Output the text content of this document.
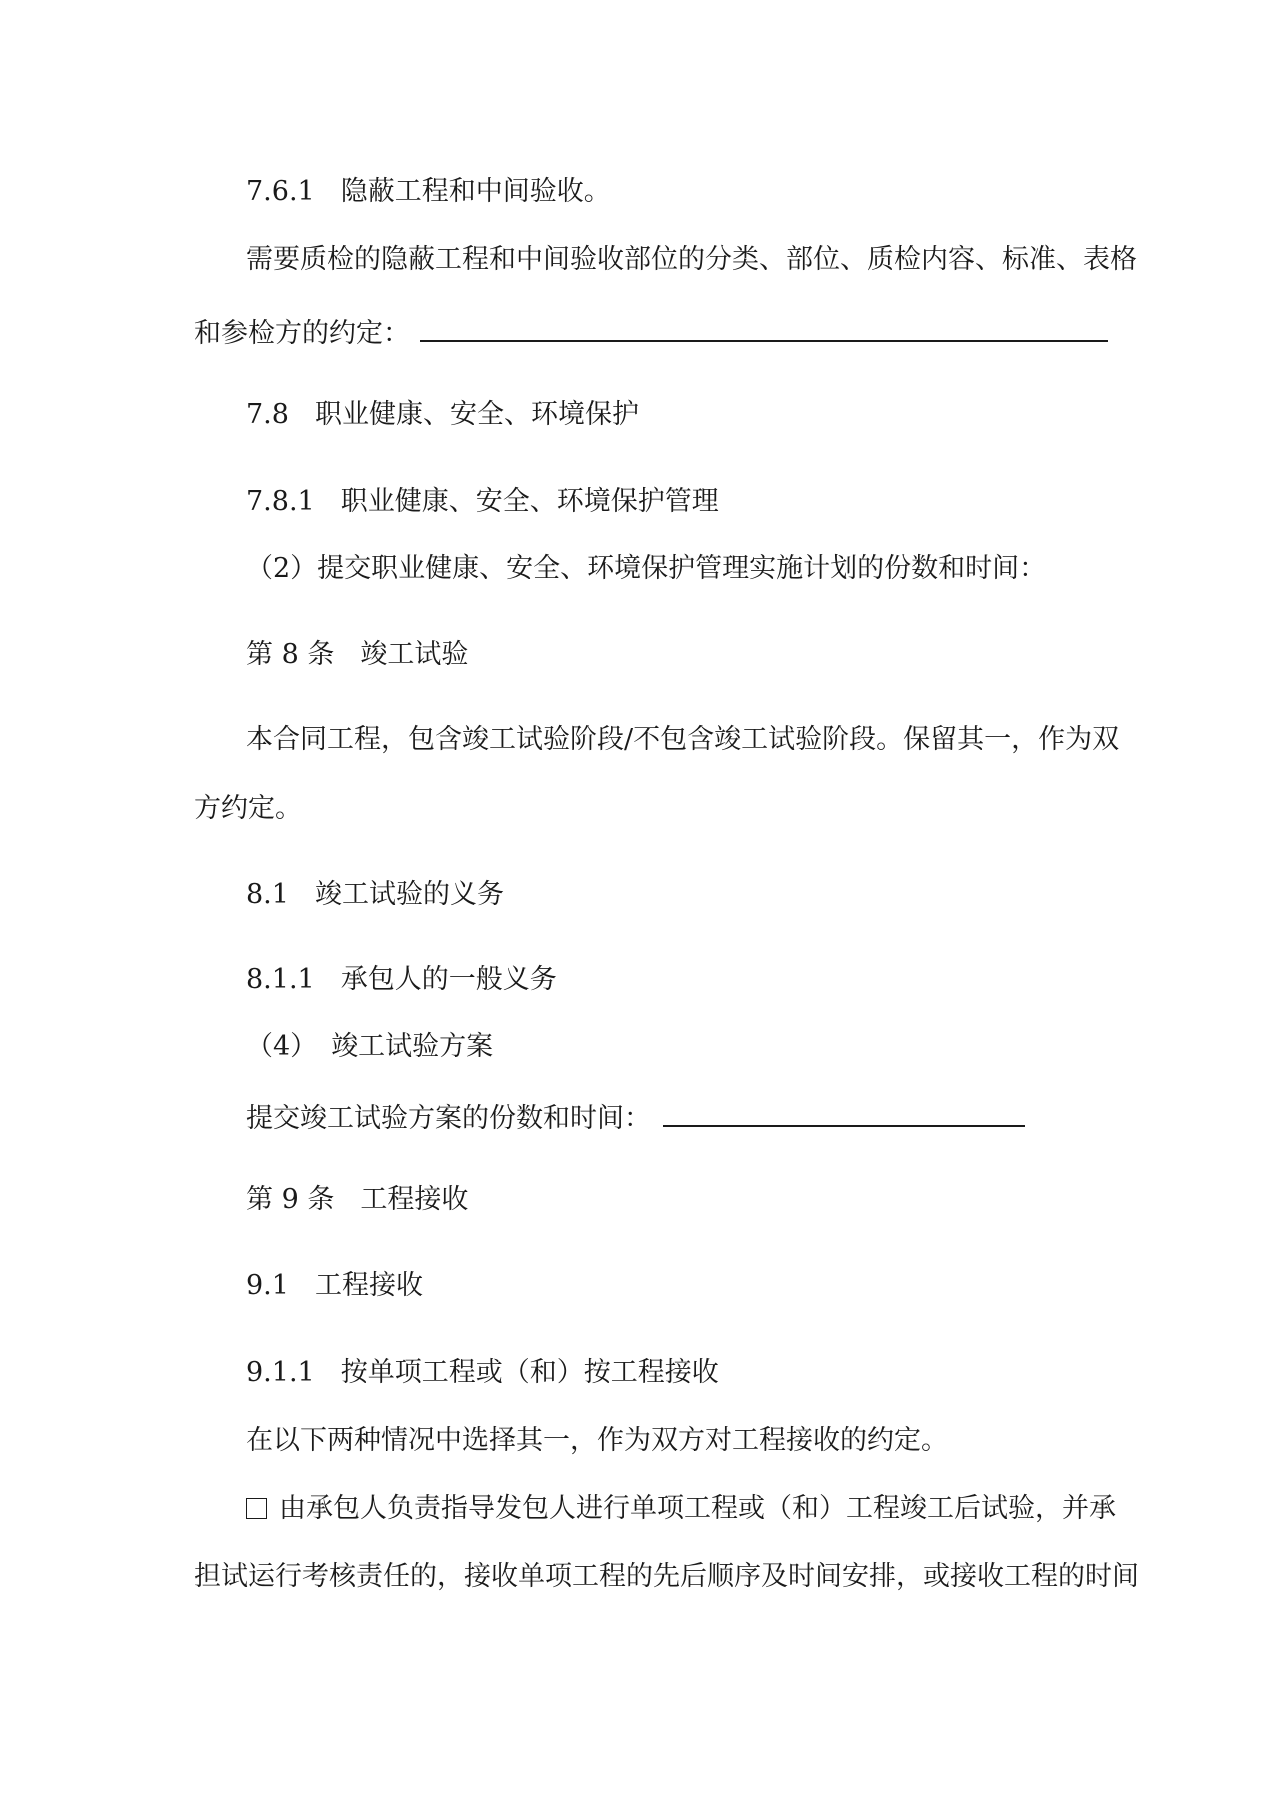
7.6.1 隐蔽工程和中间验收。

需要质检的隐蔽工程和中间验收部位的分类、部位、质检内容、标准、表格

和参检方的约定：

7.8 职业健康、安全、环境保护

7.8.1 职业健康、安全、环境保护管理

（2）提交职业健康、安全、环境保护管理实施计划的份数和时间：

第 8 条 竣工试验

本合同工程，包含竣工试验阶段/不包含竣工试验阶段。保留其一，作为双

方约定。

8.1 竣工试验的义务

8.1.1 承包人的一般义务

（4） 竣工试验方案

提交竣工试验方案的份数和时间：

第 9 条 工程接收

9.1 工程接收

9.1.1 按单项工程或（和）按工程接收

在以下两种情况中选择其一，作为双方对工程接收的约定。

由承包人负责指导发包人进行单项工程或（和）工程竣工后试验，并承

担试运行考核责任的，接收单项工程的先后顺序及时间安排，或接收工程的时间
